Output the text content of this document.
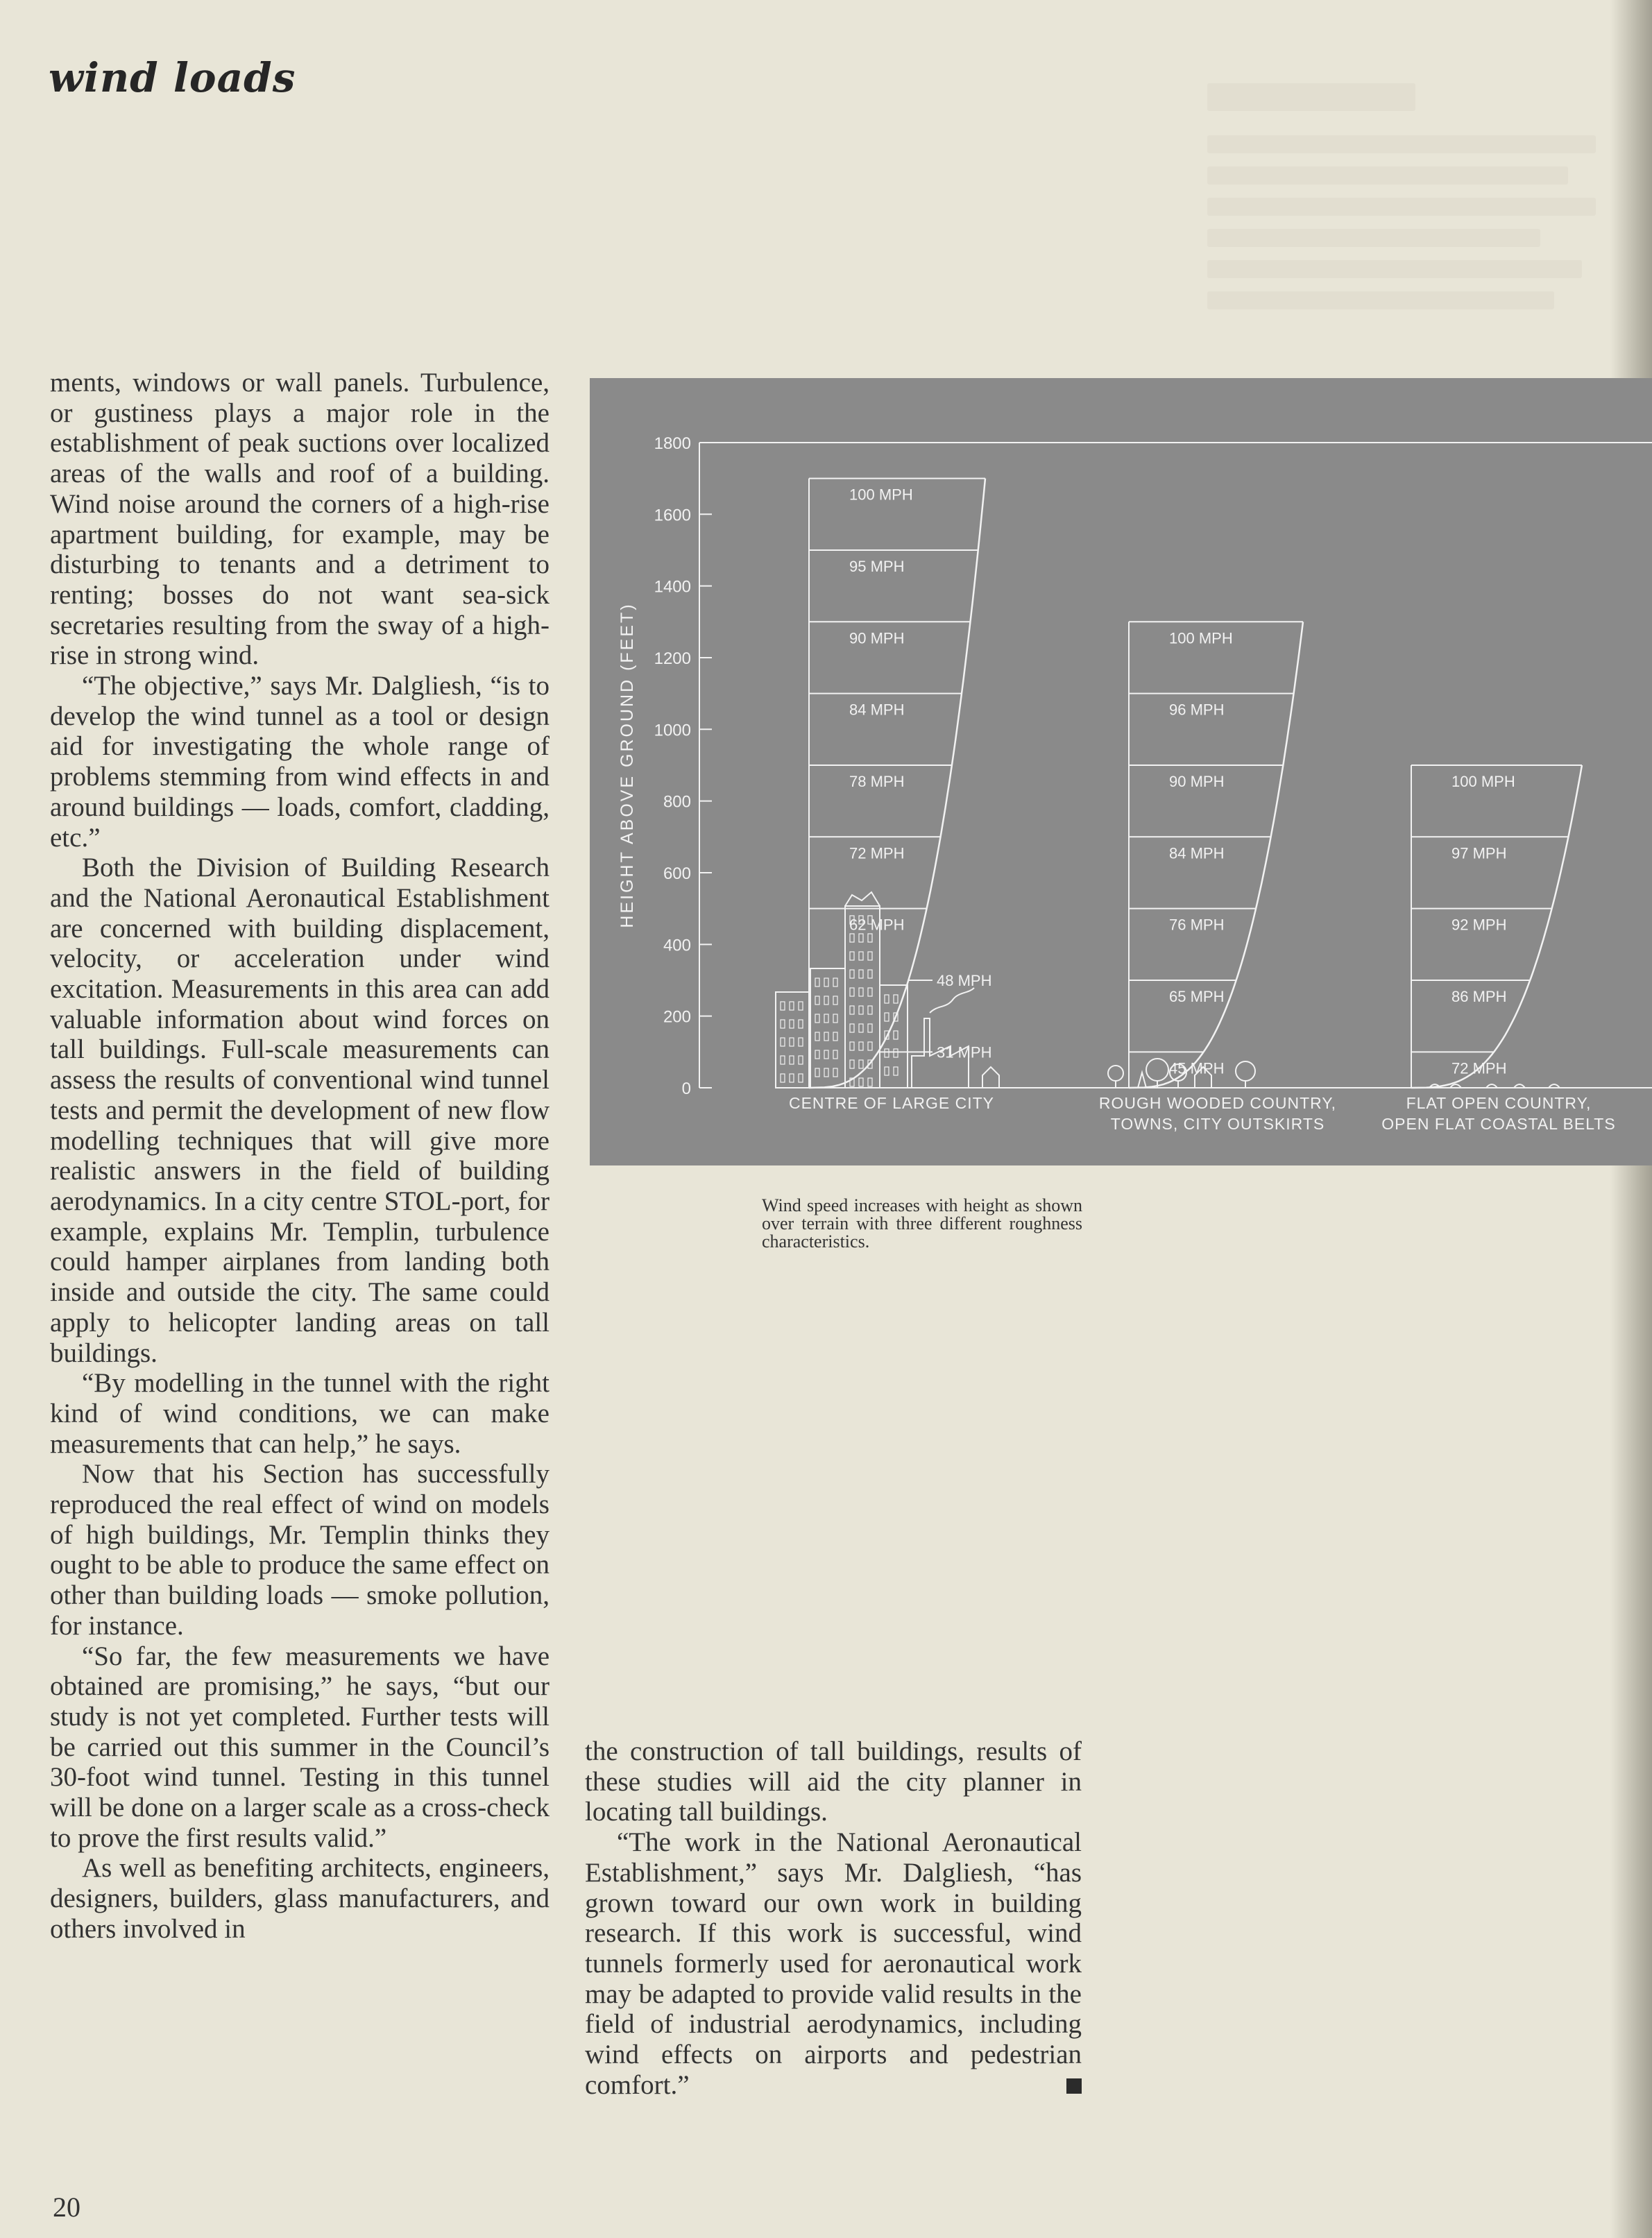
wind loads

ments, windows or wall panels. Turbulence, or gustiness plays a major role in the establishment of peak suctions over localized areas of the walls and roof of a building. Wind noise around the corners of a high-rise apartment building, for example, may be disturbing to tenants and a detriment to renting; bosses do not want sea-sick secretaries resulting from the sway of a high-rise in strong wind.

“The objective,” says Mr. Dalgliesh, “is to develop the wind tunnel as a tool or design aid for investigating the whole range of problems stemming from wind effects in and around buildings — loads, comfort, cladding, etc.”

Both the Division of Building Research and the National Aeronautical Establishment are concerned with building displacement, velocity, or acceleration under wind excitation. Measurements in this area can add valuable information about wind forces on tall buildings. Full-scale measurements can assess the results of conventional wind tunnel tests and permit the development of new flow modelling techniques that will give more realistic answers in the field of building aerodynamics. In a city centre STOL-port, for example, explains Mr. Templin, turbulence could hamper airplanes from landing both inside and outside the city. The same could apply to helicopter landing areas on tall buildings.

“By modelling in the tunnel with the right kind of wind conditions, we can make measurements that can help,” he says.

Now that his Section has successfully reproduced the real effect of wind on models of high buildings, Mr. Templin thinks they ought to be able to produce the same effect on other than building loads — smoke pollution, for instance.

“So far, the few measurements we have obtained are promising,” he says, “but our study is not yet completed. Further tests will be carried out this summer in the Council’s 30-foot wind tunnel. Testing in this tunnel will be done on a larger scale as a cross-check to prove the first results valid.”

As well as benefiting architects, engineers, designers, builders, glass manufacturers, and others involved in

0
200
400
600
800
1000
1200
1400
1600
1800
HEIGHT ABOVE GROUND (FEET)
31 MPH
48 MPH
62 MPH
72 MPH
78 MPH
84 MPH
90 MPH
95 MPH
100 MPH
45 MPH
65 MPH
76 MPH
84 MPH
90 MPH
96 MPH
100 MPH
72 MPH
86 MPH
92 MPH
97 MPH
100 MPH
CENTRE OF LARGE CITY	ROUGH WOODED COUNTRY,
TOWNS, CITY OUTSKIRTS
FLAT OPEN COUNTRY,
OPEN FLAT COASTAL BELTS
Wind speed increases with height as shown over terrain with three different roughness characteristics.

the construction of tall buildings, results of these studies will aid the city planner in locating tall buildings.

“The work in the National Aeronautical Establishment,” says Mr. Dalgliesh, “has grown toward our own work in building research. If this work is successful, wind tunnels formerly used for aeronautical work may be adapted to provide valid results in the field of industrial aerodynamics, including wind effects on airports and pedestrian comfort.”

20
